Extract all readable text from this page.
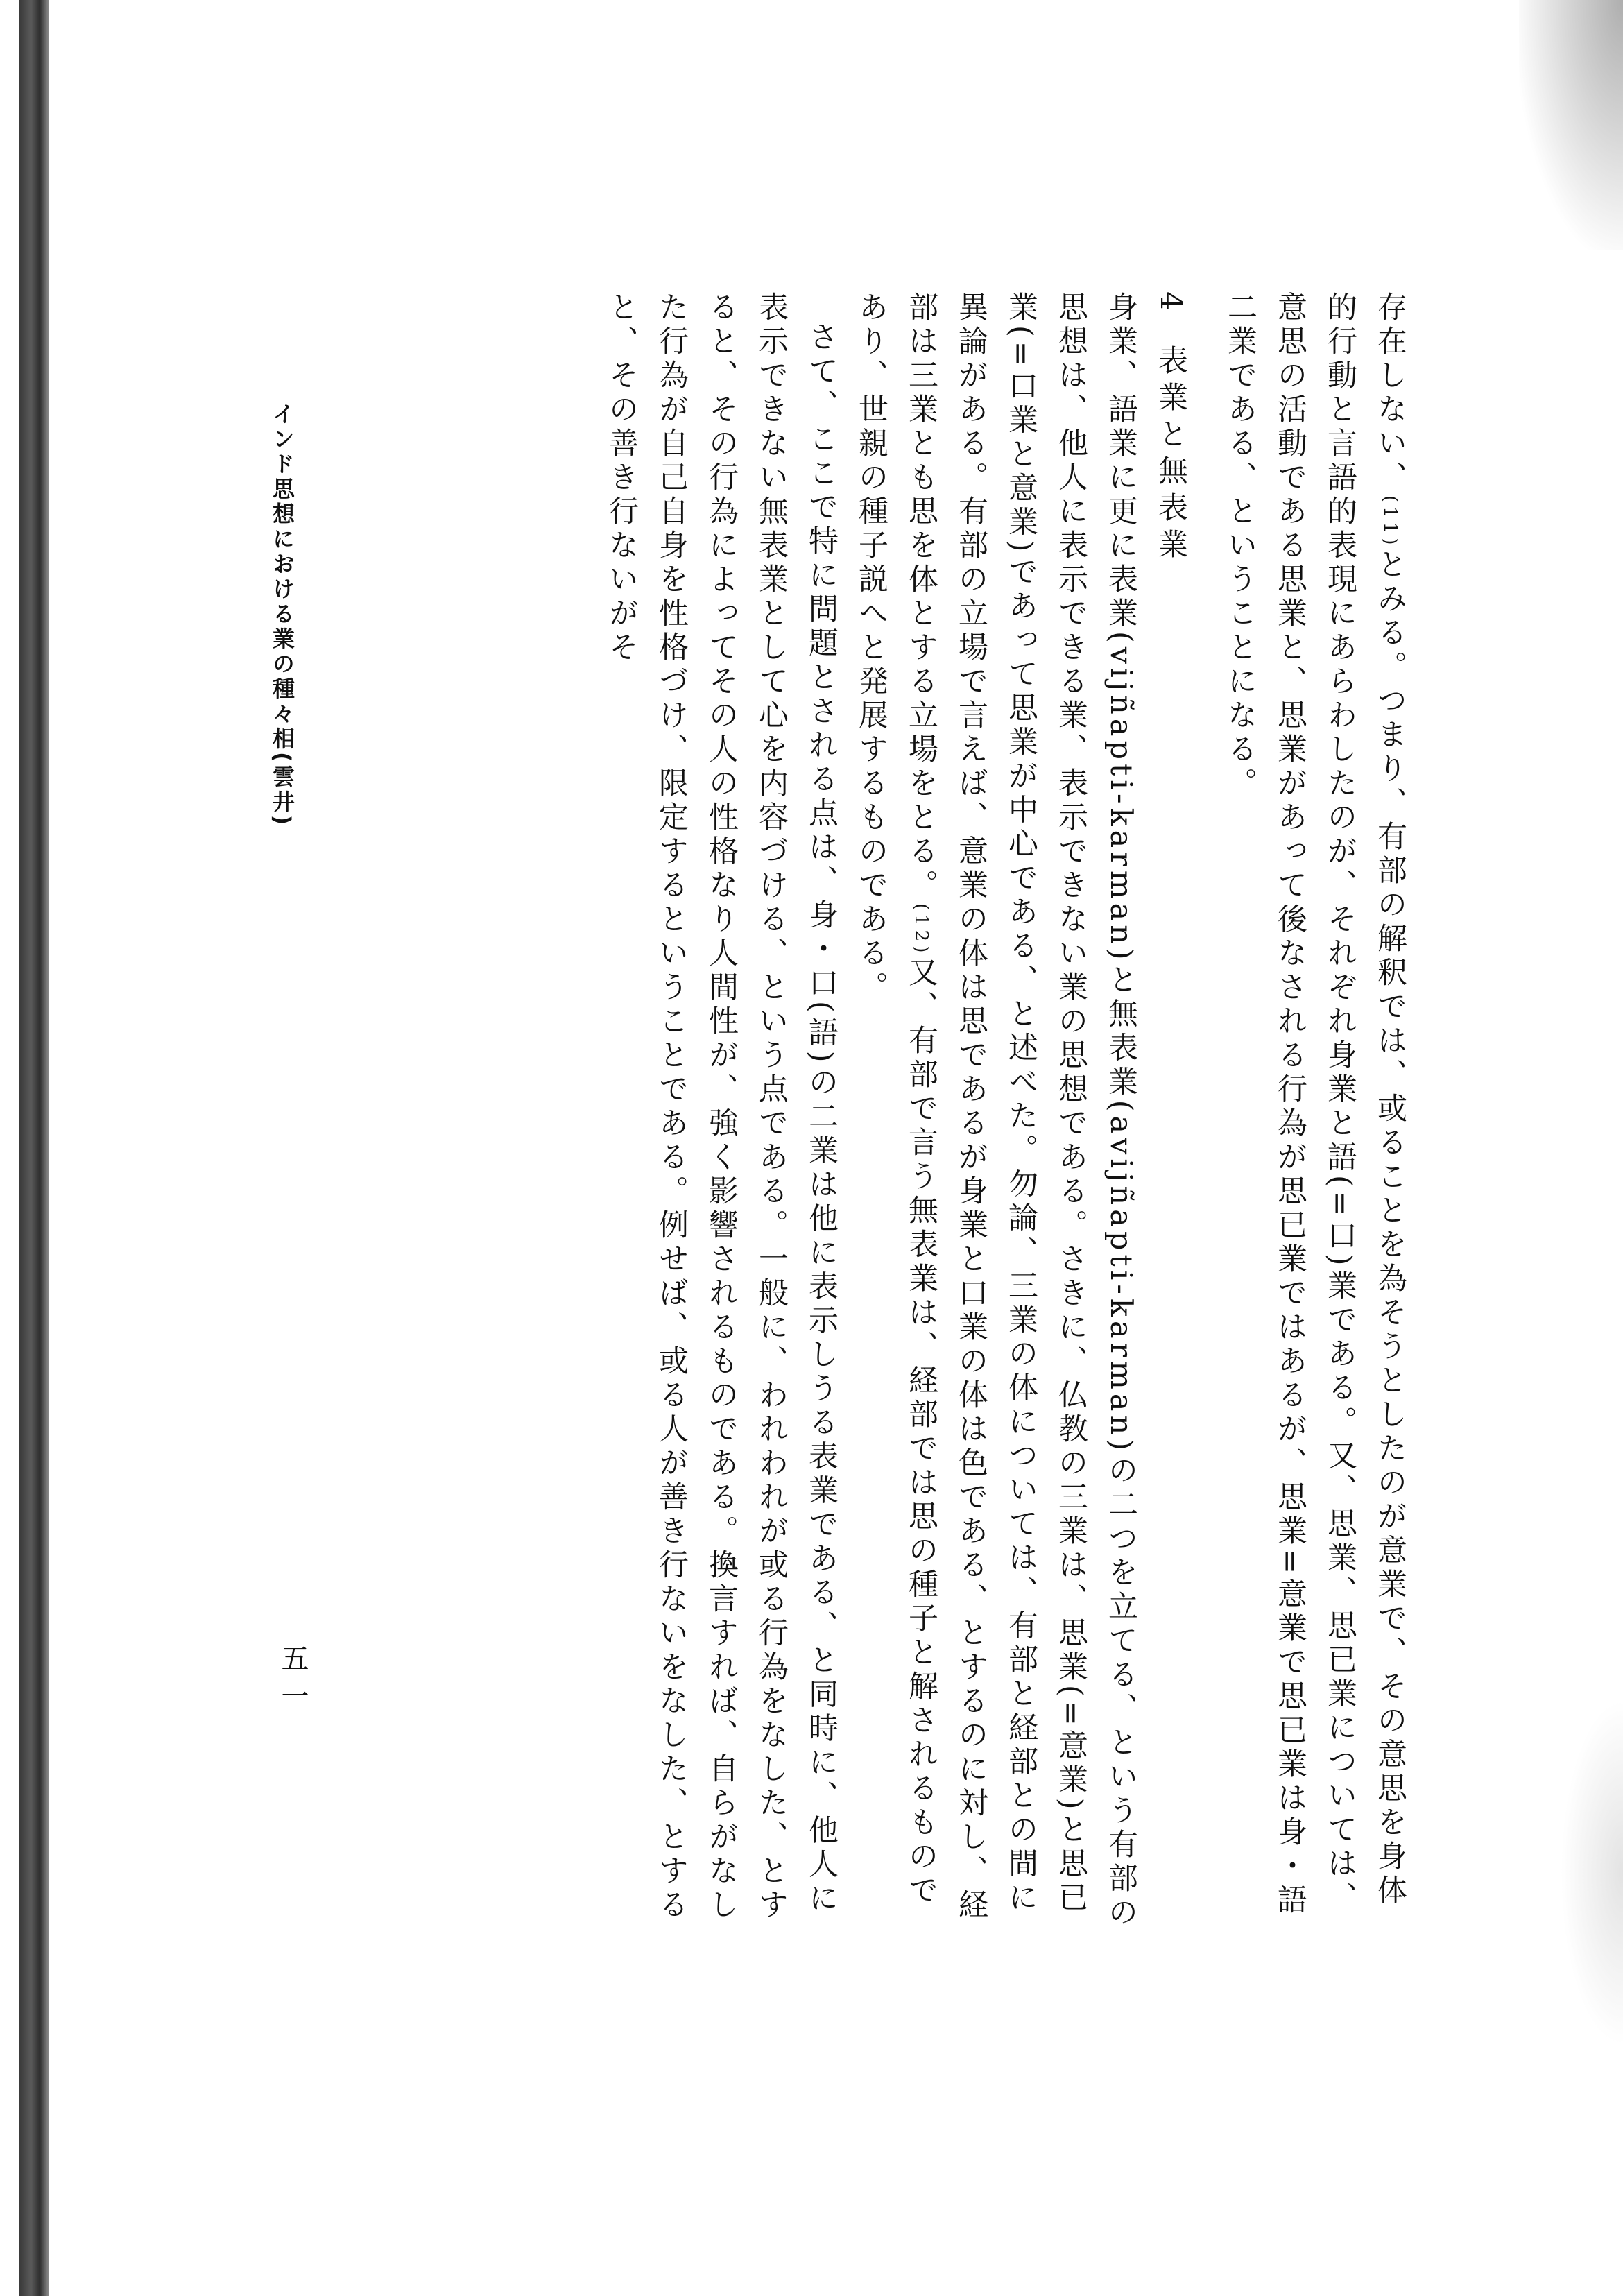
存在しない、(11)とみる。つまり、有部の解釈では、或ることを為そうとしたのが意業で、その意思を身体的行動と言語的表現にあらわしたのが、それぞれ身業と語(=口)業である。又、思業、思已業については、意思の活動である思業と、思業があって後なされる行為が思已業ではあるが、思業=意業で思已業は身・語二業である、ということになる。

4表業と無表業

身業、語業に更に表業(vijñapti-karman)と無表業(avijñapti-karman)の二つを立てる、という有部の思想は、他人に表示できる業、表示できない業の思想である。さきに、仏教の三業は、思業(=意業)と思已業(=口業と意業)であって思業が中心である、と述べた。勿論、三業の体については、有部と経部との間に異論がある。有部の立場で言えば、意業の体は思であるが身業と口業の体は色である、とするのに対し、経部は三業とも思を体とする立場をとる。(12)又、有部で言う無表業は、経部では思の種子と解されるものであり、世親の種子説へと発展するものである。

さて、ここで特に問題とされる点は、身・口(語)の二業は他に表示しうる表業である、と同時に、他人に表示できない無表業として心を内容づける、という点である。一般に、われわれが或る行為をなした、とすると、その行為によってその人の性格なり人間性が、強く影響されるものである。換言すれば、自らがなした行為が自己自身を性格づけ、限定するということである。例せば、或る人が善き行ないをなした、とすると、その善き行ないがそ

インド思想における業の種々相(雲井)
五一
